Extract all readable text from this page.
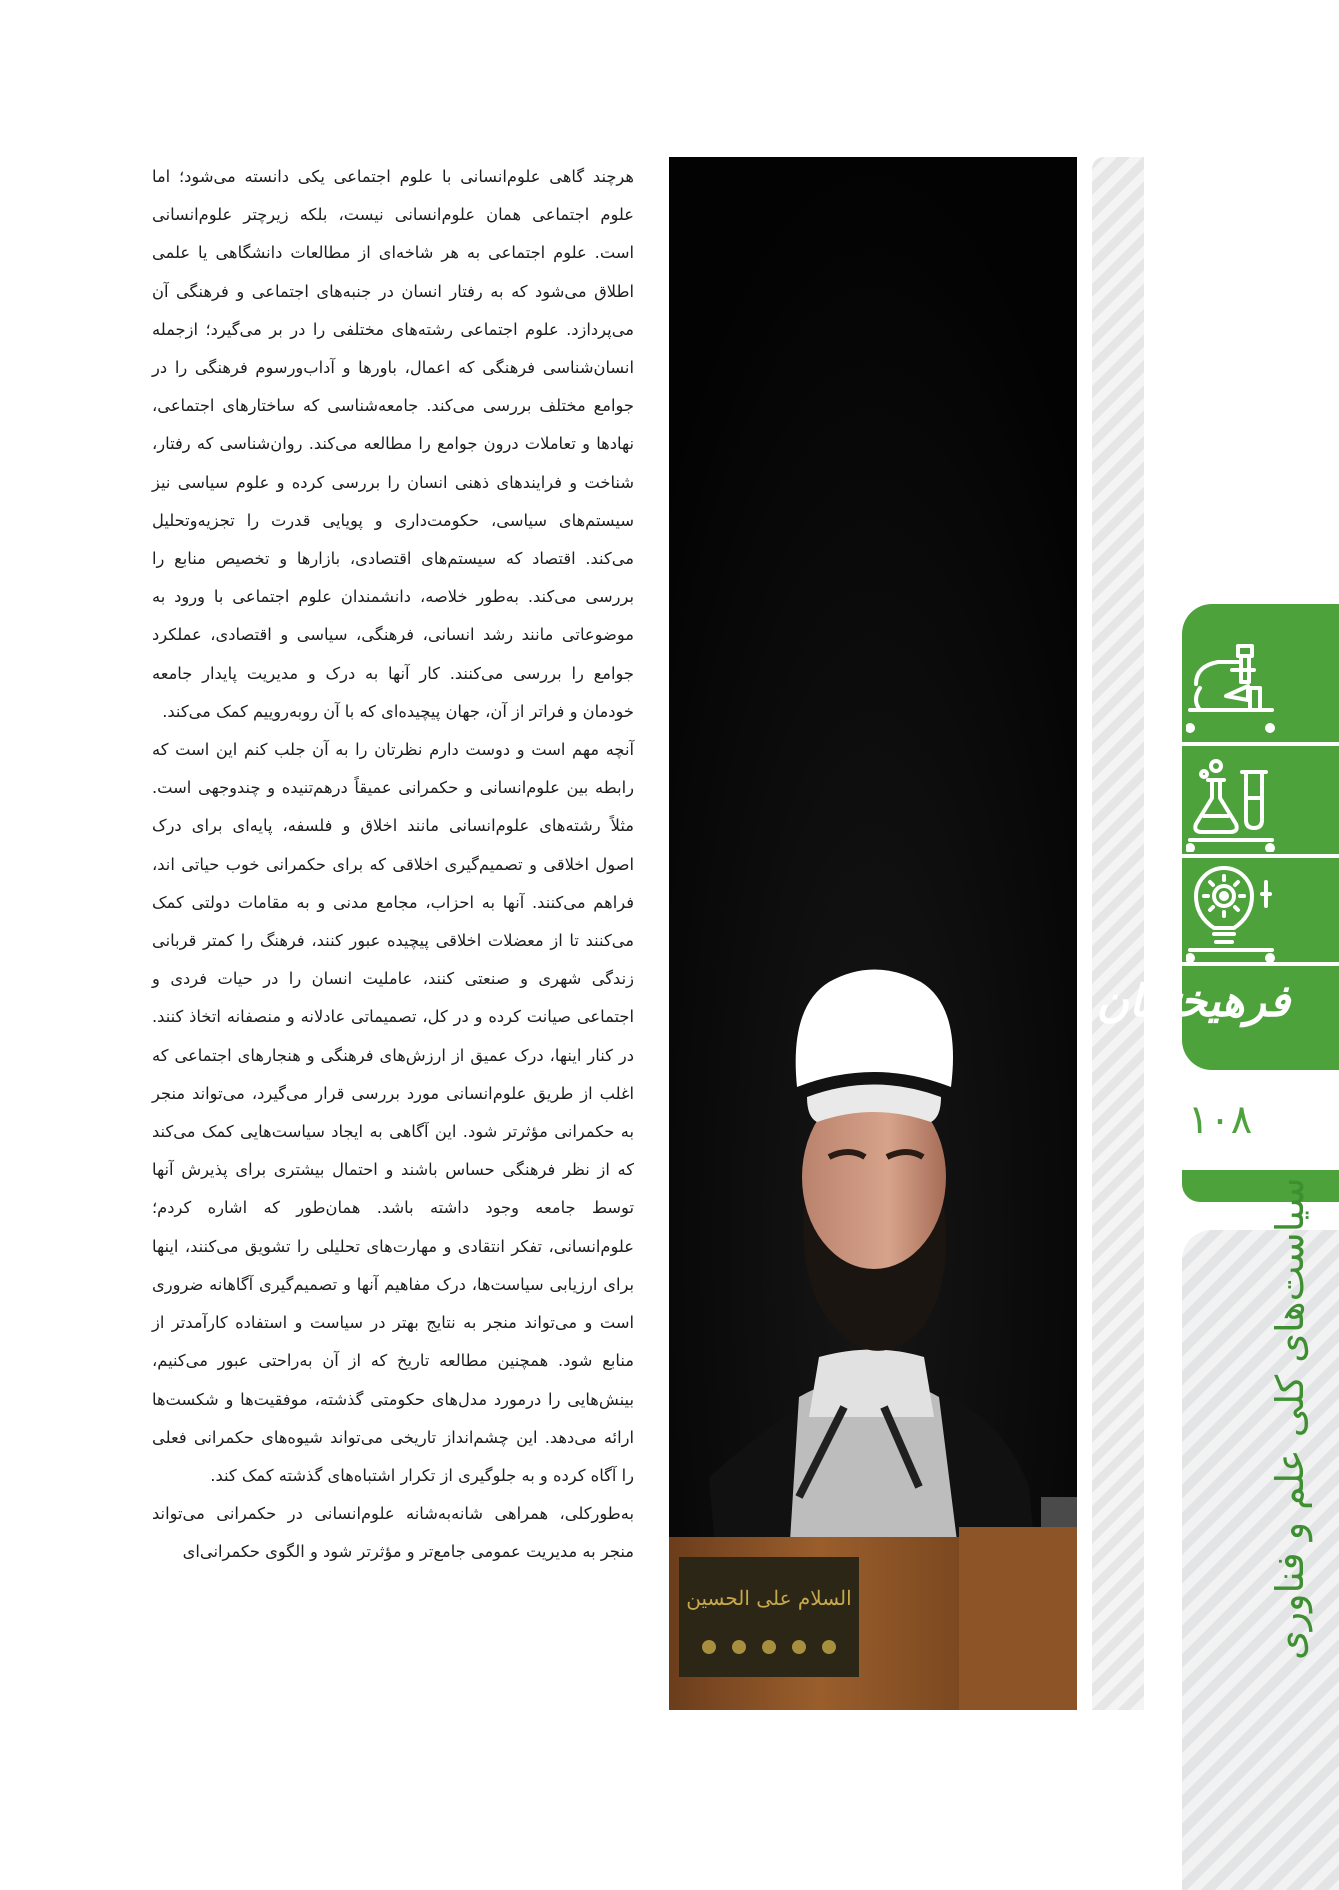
فرهیختگان
۱۰۸
سیاست‌های کلی علم و فناوری
السلام علی الحسین

هرچند گاهی علوم‌انسانی با علوم اجتماعی یکی دانسته می‌شود؛ اما علوم اجتماعی همان علوم‌انسانی نیست، بلکه زیرچتر علوم‌انسانی است. علوم اجتماعی به هر شاخه‌ای از مطالعات دانشگاهی یا علمی اطلاق می‌شود که به رفتار انسان در جنبه‌های اجتماعی و فرهنگی آن می‌پردازد. علوم اجتماعی رشته‌های مختلفی را در بر می‌گیرد؛ ازجمله انسان‌شناسی فرهنگی که اعمال، باورها و آداب‌ورسوم فرهنگی را در جوامع مختلف بررسی می‌کند. جامعه‌شناسی که ساختارهای اجتماعی، نهادها و تعاملات درون جوامع را مطالعه می‌کند. روان‌شناسی که رفتار، شناخت و فرایندهای ذهنی انسان را بررسی کرده و علوم سیاسی نیز سیستم‌های سیاسی، حکومت‌داری و پویایی قدرت را تجزیه‌وتحلیل می‌کند. اقتصاد که سیستم‌های اقتصادی، بازارها و تخصیص منابع را بررسی می‌کند. به‌طور خلاصه، دانشمندان علوم اجتماعی با ورود به موضوعاتی مانند رشد انسانی، فرهنگی، سیاسی و اقتصادی، عملکرد جوامع را بررسی می‌کنند. کار آنها به درک و مدیریت پایدار جامعه خودمان و فراتر از آن، جهان پیچیده‌ای که با آن روبه‌روییم کمک می‌کند.

آنچه مهم است و دوست دارم نظرتان را به آن جلب کنم این است که رابطه بین علوم‌انسانی و حکمرانی عمیقاً درهم‌تنیده و چندوجهی است. مثلاً رشته‌های علوم‌انسانی مانند اخلاق و فلسفه، پایه‌ای برای درک اصول اخلاقی و تصمیم‌گیری اخلاقی که برای حکمرانی خوب حیاتی اند، فراهم می‌کنند. آنها به احزاب، مجامع مدنی و به مقامات دولتی کمک می‌کنند تا از معضلات اخلاقی پیچیده عبور کنند، فرهنگ را کمتر قربانی زندگی شهری و صنعتی کنند، عاملیت انسان را در حیات فردی و اجتماعی صیانت کرده و در کل، تصمیماتی عادلانه و منصفانه اتخاذ کنند. در کنار اینها، درک عمیق از ارزش‌های فرهنگی و هنجارهای اجتماعی که اغلب از طریق علوم‌انسانی مورد بررسی قرار می‌گیرد، می‌تواند منجر به حکمرانی مؤثرتر شود. این آگاهی به ایجاد سیاست‌هایی کمک می‌کند که از نظر فرهنگی حساس باشند و احتمال بیشتری برای پذیرش آنها توسط جامعه وجود داشته باشد. همان‌طور که اشاره کردم؛ علوم‌انسانی، تفکر انتقادی و مهارت‌های تحلیلی را تشویق می‌کنند، اینها برای ارزیابی سیاست‌ها، درک مفاهیم آنها و تصمیم‌گیری آگاهانه ضروری است و می‌تواند منجر به نتایج بهتر در سیاست و استفاده کارآمدتر از منابع شود. همچنین مطالعه تاریخ که از آن به‌راحتی عبور می‌کنیم، بینش‌هایی را درمورد مدل‌های حکومتی گذشته، موفقیت‌ها و شکست‌ها ارائه می‌دهد. این چشم‌انداز تاریخی می‌تواند شیوه‌های حکمرانی فعلی را آگاه کرده و به جلوگیری از تکرار اشتباه‌های گذشته کمک کند.

به‌طورکلی، همراهی شانه‌به‌شانه علوم‌انسانی در حکمرانی می‌تواند منجر به مدیریت عمومی جامع‌تر و مؤثرتر شود و الگوی حکمرانی‌ای
